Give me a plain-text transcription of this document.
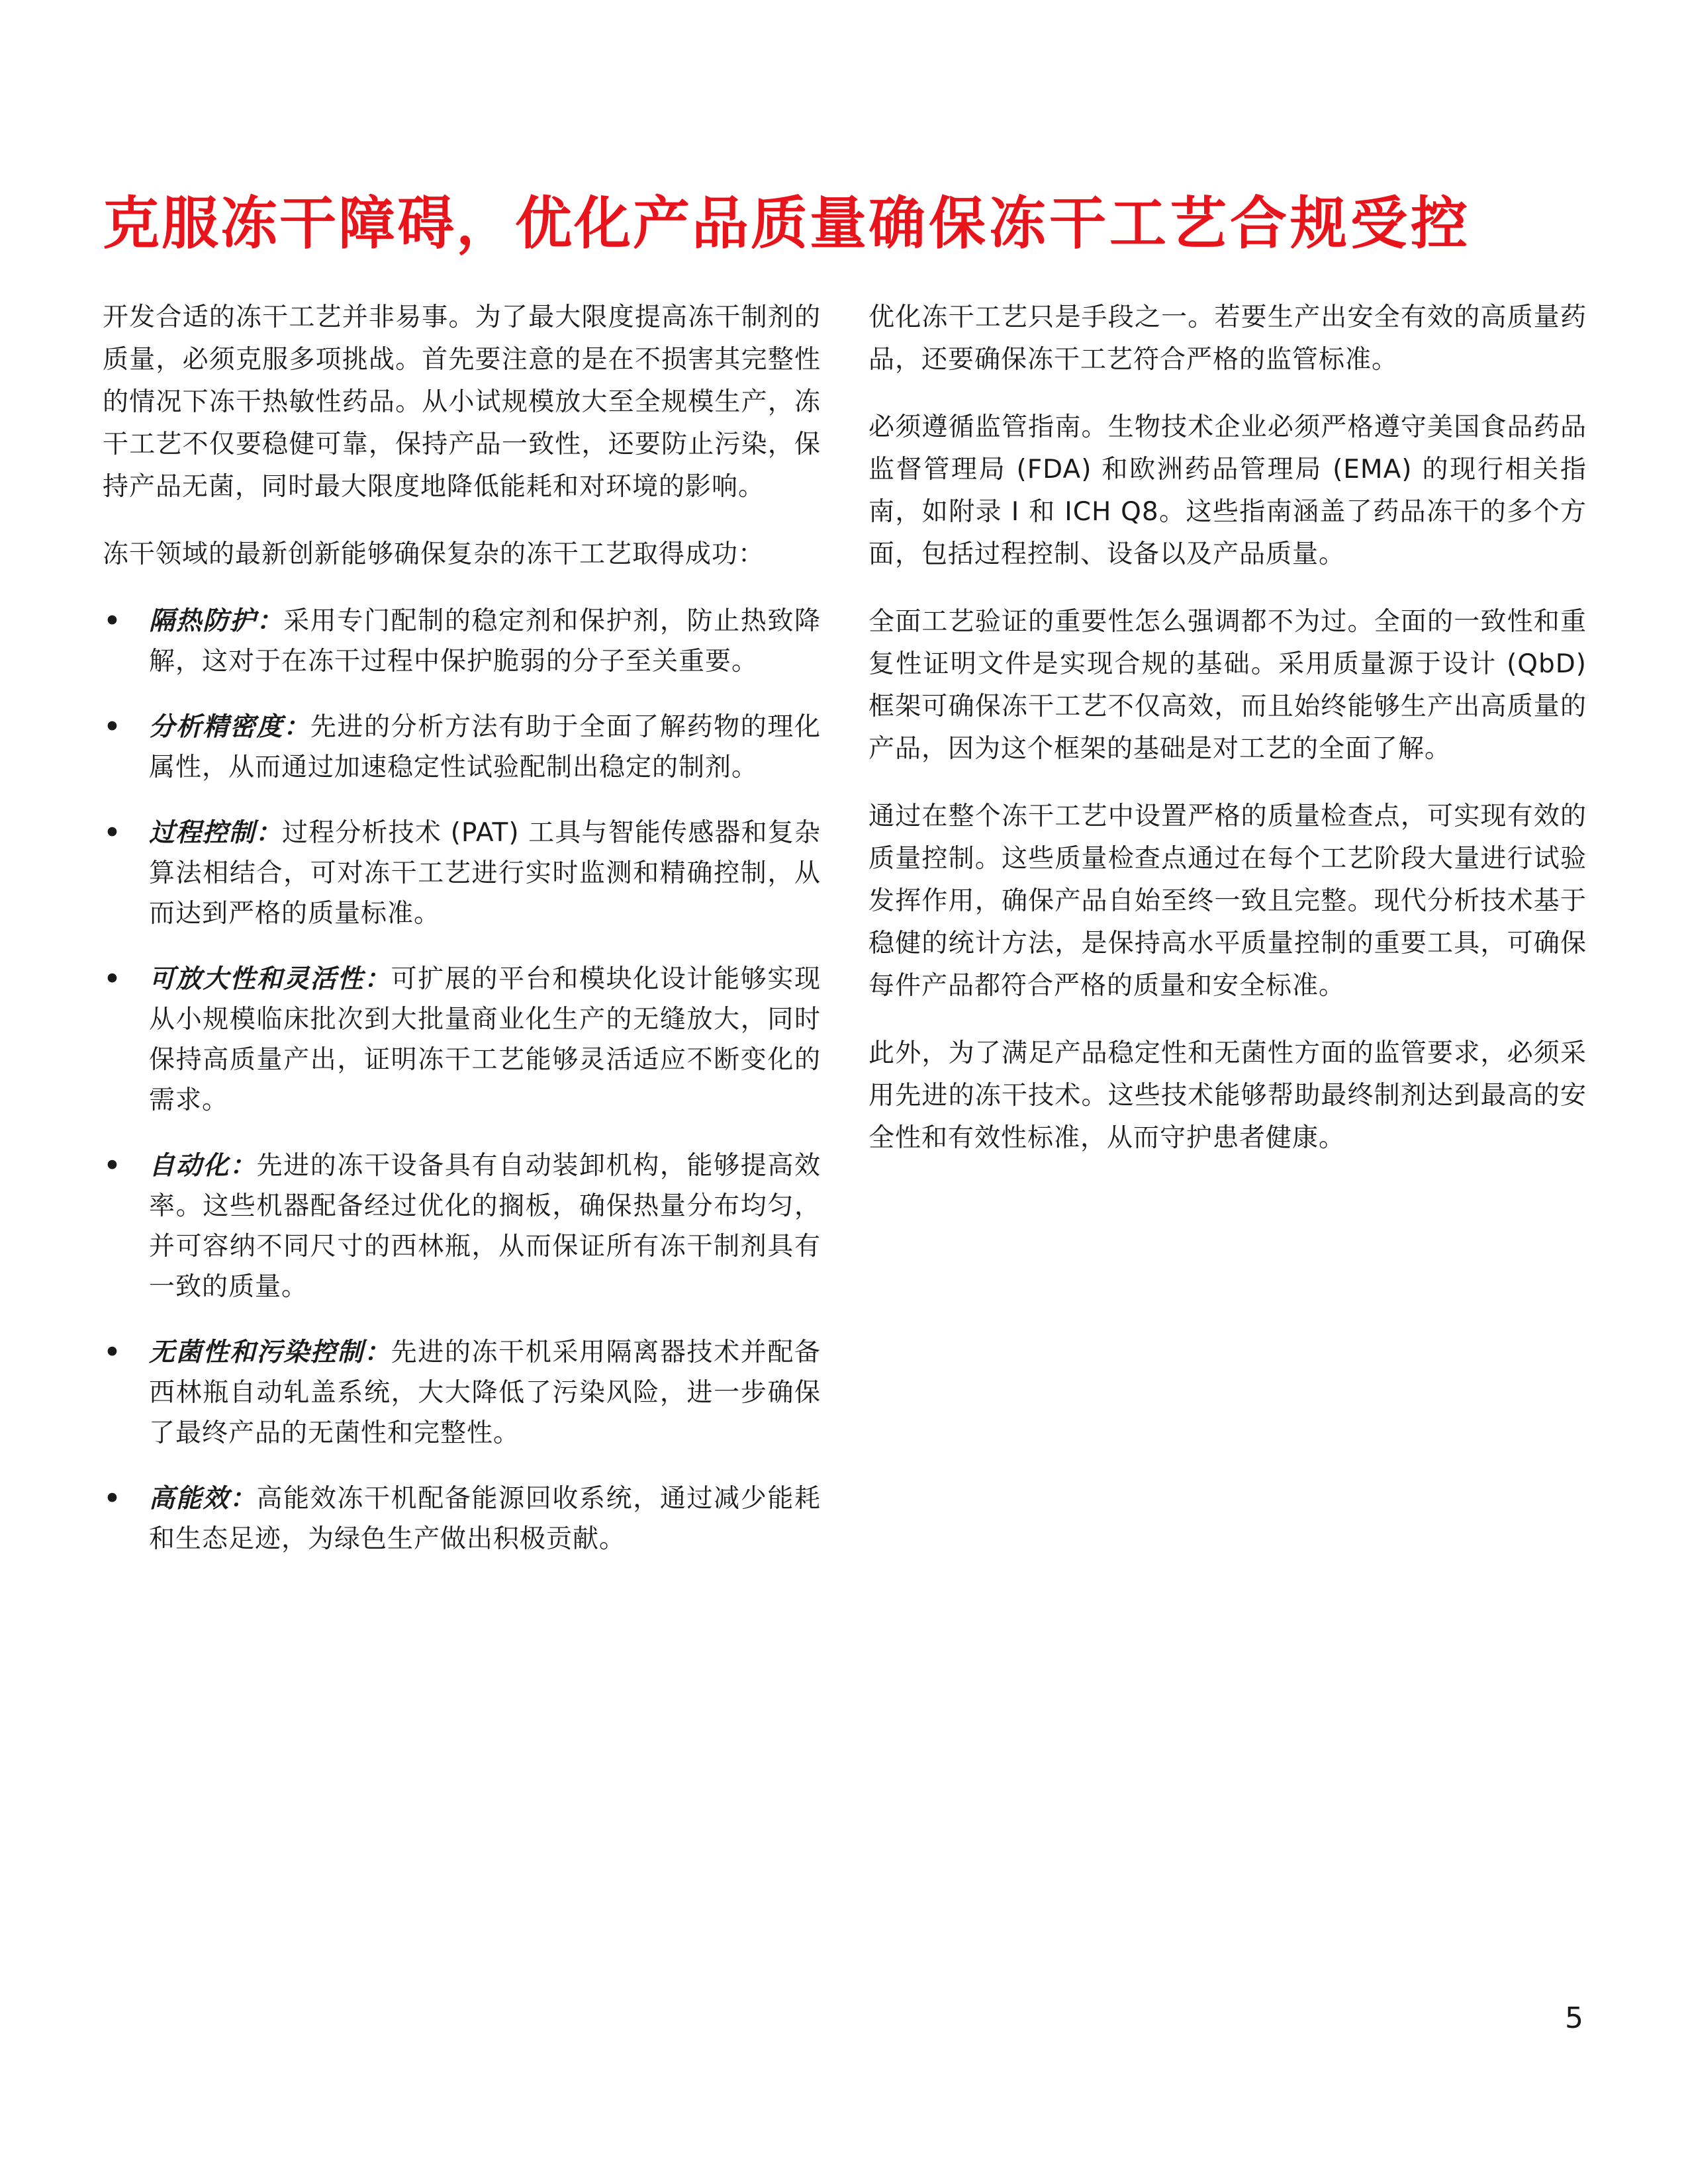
克服冻干障碍，优化产品质量

开发合适的冻干工艺并非易事。为了最大限度提高冻干制剂的质量，必须克服多项挑战。首先要注意的是在不损害其完整性的情况下冻干热敏性药品。从小试规模放大至全规模生产，冻干工艺不仅要稳健可靠，保持产品一致性，还要防止污染，保持产品无菌，同时最大限度地降低能耗和对环境的影响。

冻干领域的最新创新能够确保复杂的冻干工艺取得成功：

• 隔热防护：采用专门配制的稳定剂和保护剂，防止热致降解，这对于在冻干过程中保护脆弱的分子至关重要。
• 分析精密度：先进的分析方法有助于全面了解药物的理化属性，从而通过加速稳定性试验配制出稳定的制剂。
• 过程控制：过程分析技术 (PAT) 工具与智能传感器和复杂算法相结合，可对冻干工艺进行实时监测和精确控制，从而达到严格的质量标准。
• 可放大性和灵活性：可扩展的平台和模块化设计能够实现从小规模临床批次到大批量商业化生产的无缝放大，同时保持高质量产出，证明冻干工艺能够灵活适应不断变化的需求。
• 自动化：先进的冻干设备具有自动装卸机构，能够提高效率。这些机器配备经过优化的搁板，确保热量分布均匀，并可容纳不同尺寸的西林瓶，从而保证所有冻干制剂具有一致的质量。
• 无菌性和污染控制：先进的冻干机采用隔离器技术并配备西林瓶自动轧盖系统，大大降低了污染风险，进一步确保了最终产品的无菌性和完整性。
• 高能效：高能效冻干机配备能源回收系统，通过减少能耗和生态足迹，为绿色生产做出积极贡献。
确保冻干工艺合规受控

优化冻干工艺只是手段之一。若要生产出安全有效的高质量药品，还要确保冻干工艺符合严格的监管标准。

必须遵循监管指南。生物技术企业必须严格遵守美国食品药品监督管理局 (FDA) 和欧洲药品管理局 (EMA) 的现行相关指南，如附录 I 和 ICH Q8。这些指南涵盖了药品冻干的多个方面，包括过程控制、设备以及产品质量。

全面工艺验证的重要性怎么强调都不为过。全面的一致性和重复性证明文件是实现合规的基础。采用质量源于设计 (QbD) 框架可确保冻干工艺不仅高效，而且始终能够生产出高质量的产品，因为这个框架的基础是对工艺的全面了解。

通过在整个冻干工艺中设置严格的质量检查点，可实现有效的质量控制。这些质量检查点通过在每个工艺阶段大量进行试验发挥作用，确保产品自始至终一致且完整。现代分析技术基于稳健的统计方法，是保持高水平质量控制的重要工具，可确保每件产品都符合严格的质量和安全标准。

此外，为了满足产品稳定性和无菌性方面的监管要求，必须采用先进的冻干技术。这些技术能够帮助最终制剂达到最高的安全性和有效性标准，从而守护患者健康。

5
